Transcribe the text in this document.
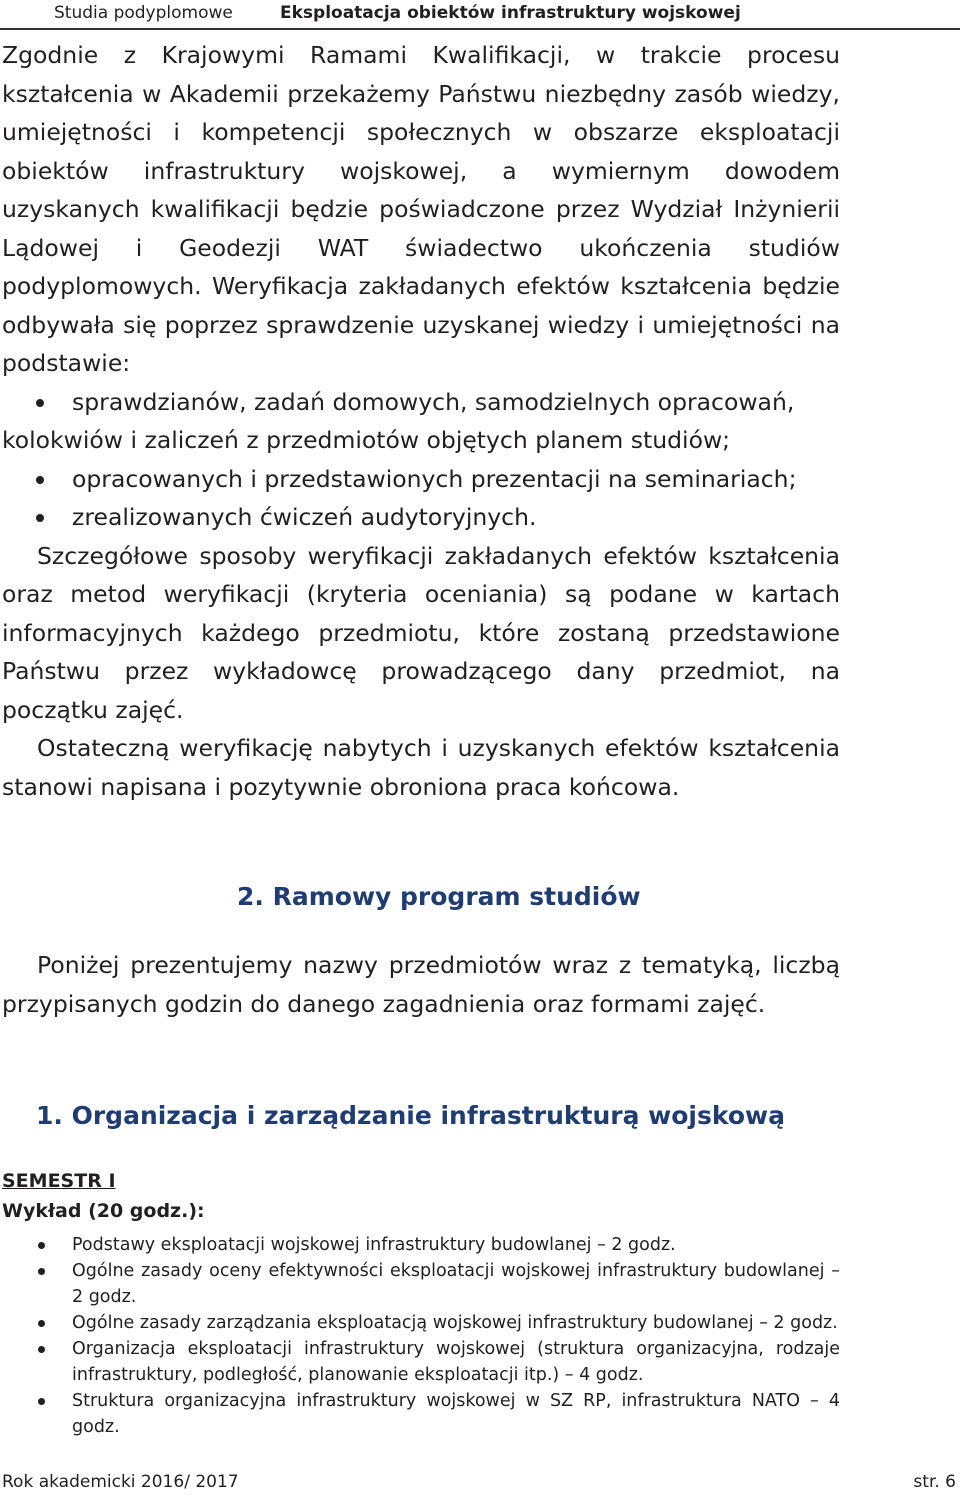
Studia podyplomowe	Eksploatacja obiektów infrastruktury wojskowej

Zgodnie z Krajowymi Ramami Kwalifikacji, w trakcie procesu kształcenia w Akademii przekażemy Państwu niezbędny zasób wiedzy, umiejętności i kompetencji społecznych w obszarze eksploatacji obiektów infrastruktury wojskowej, a wymiernym dowodem uzyskanych kwalifikacji będzie poświadczone przez Wydział Inżynierii Lądowej i Geodezji WAT świadectwo ukończenia studiów podyplomowych. Weryfikacja zakładanych efektów kształcenia będzie odbywała się poprzez sprawdzenie uzyskanej wiedzy i umiejętności na podstawie:

sprawdzianów, zadań domowych, samodzielnych opracowań,

kolokwiów i zaliczeń z przedmiotów objętych planem studiów;

opracowanych i przedstawionych prezentacji na seminariach;
zrealizowanych ćwiczeń audytoryjnych.

Szczegółowe sposoby weryfikacji zakładanych efektów kształcenia oraz metod weryfikacji (kryteria oceniania) są podane w kartach informacyjnych każdego przedmiotu, które zostaną przedstawione Państwu przez wykładowcę prowadzącego dany przedmiot, na początku zajęć.

Ostateczną weryfikację nabytych i uzyskanych efektów kształcenia stanowi napisana i pozytywnie obroniona praca końcowa.

2. Ramowy program studiów

Poniżej prezentujemy nazwy przedmiotów wraz z tematyką, liczbą przypisanych godzin do danego zagadnienia oraz formami zajęć.

1. Organizacja i zarządzanie infrastrukturą wojskową
SEMESTR I
Wykład (20 godz.):
Podstawy eksploatacji wojskowej infrastruktury budowlanej – 2 godz.
Ogólne zasady oceny efektywności eksploatacji wojskowej infrastruktury budowlanej – 2 godz.
Ogólne zasady zarządzania eksploatacją wojskowej infrastruktury budowlanej – 2 godz.
Organizacja eksploatacji infrastruktury wojskowej (struktura organizacyjna, rodzaje infrastruktury, podległość, planowanie eksploatacji itp.) – 4 godz.
Struktura organizacyjna infrastruktury wojskowej w SZ RP, infrastruktura NATO – 4 godz.
Rok akademicki 2016/ 2017	str. 6
